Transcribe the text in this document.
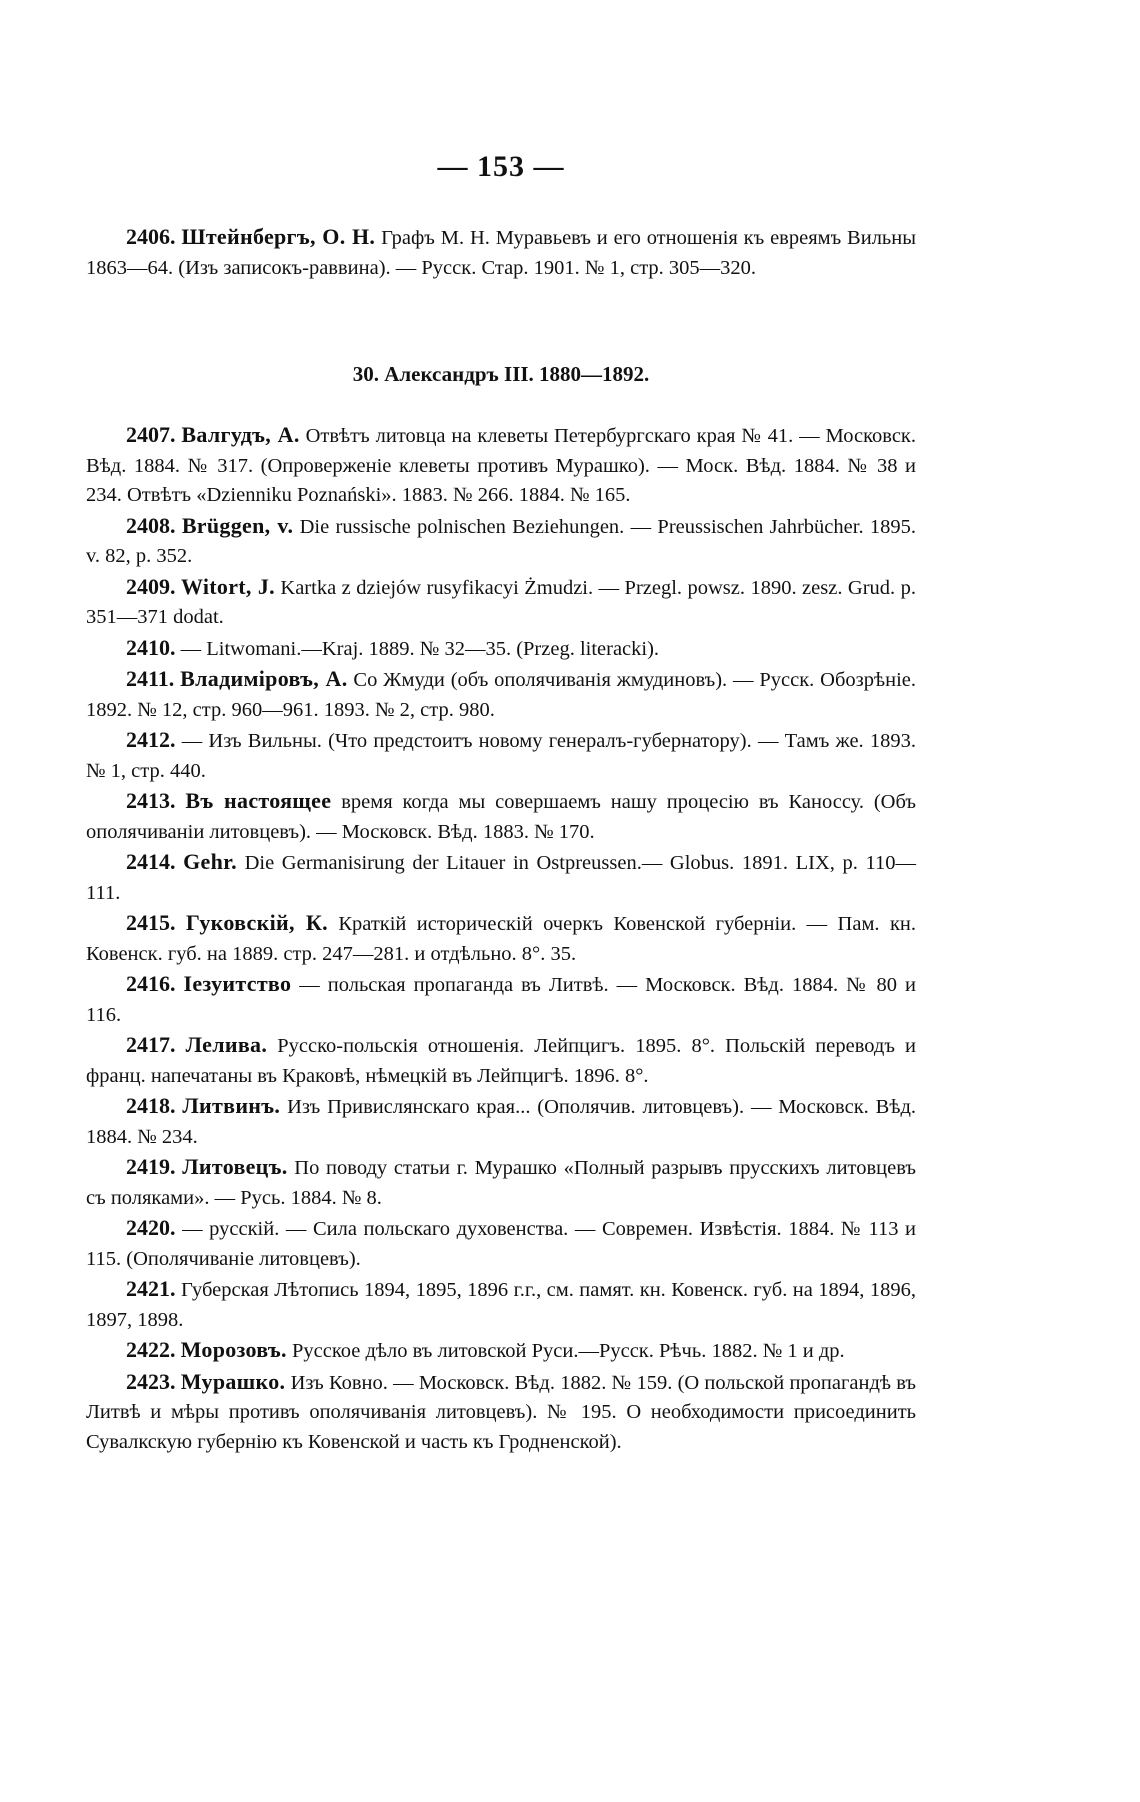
— 153 —

2406. Штейнбергъ, О. Н. Графъ М. Н. Муравьевъ и его отношенія къ евреямъ Вильны 1863—64. (Изъ записокъ-раввина). — Русск. Стар. 1901. № 1, стр. 305—320.

30. Александръ III. 1880—1892.

2407. Валгудъ, А. Отвѣтъ литовца на клеветы Петербургскаго края № 41. — Московск. Вѣд. 1884. № 317. (Опроверженіе клеветы противъ Мурашко). — Моск. Вѣд. 1884. № 38 и 234. Отвѣтъ «Dzienniku Poznański». 1883. № 266. 1884. № 165.

2408. Brüggen, v. Die russische polnischen Beziehungen. — Preussischen Jahrbücher. 1895. v. 82, p. 352.

2409. Witort, J. Kartka z dziejów rusyfikacyi Żmudzi. — Przegl. powsz. 1890. zesz. Grud. p. 351—371 dodat.

2410. — Litwomani.—Kraj. 1889. № 32—35. (Przeg. literacki).

2411. Владиміровъ, А. Со Жмуди (объ ополячиванія жмудиновъ). — Русск. Обозрѣніе. 1892. № 12, стр. 960—961. 1893. № 2, стр. 980.

2412. — Изъ Вильны. (Что предстоитъ новому генералъ-губернатору). — Тамъ же. 1893. № 1, стр. 440.

2413. Въ настоящее время когда мы совершаемъ нашу процесію въ Каноссу. (Объ ополячиваніи литовцевъ). — Московск. Вѣд. 1883. № 170.

2414. Gehr. Die Germanisirung der Litauer in Ostpreussen.— Globus. 1891. LIX, p. 110—111.

2415. Гуковскій, К. Краткій историческій очеркъ Ковенской губерніи. — Пам. кн. Ковенск. губ. на 1889. стр. 247—281. и отдѣльно. 8°. 35.

2416. Іезуитство — польская пропаганда въ Литвѣ. — Московск. Вѣд. 1884. № 80 и 116.

2417. Лелива. Русско-польскія отношенія. Лейпцигъ. 1895. 8°. Польскій переводъ и франц. напечатаны въ Краковѣ, нѣмецкій въ Лейпцигѣ. 1896. 8°.

2418. Литвинъ. Изъ Привислянскаго края... (Ополячив. литовцевъ). — Московск. Вѣд. 1884. № 234.

2419. Литовецъ. По поводу статьи г. Мурашко «Полный разрывъ прусскихъ литовцевъ съ поляками». — Русь. 1884. № 8.

2420. — русскій. — Сила польскаго духовенства. — Современ. Извѣстія. 1884. № 113 и 115. (Ополячиваніе литовцевъ).

2421. Губерская Лѣтопись 1894, 1895, 1896 г.г., см. памят. кн. Ковенск. губ. на 1894, 1896, 1897, 1898.

2422. Морозовъ. Русское дѣло въ литовской Руси.—Русск. Рѣчь. 1882. № 1 и др.

2423. Мурашко. Изъ Ковно. — Московск. Вѣд. 1882. № 159. (О польской пропагандѣ въ Литвѣ и мѣры противъ ополячиванія литовцевъ). № 195. О необходимости присоединить Сувалкскую губернію къ Ковенской и часть къ Гродненской).
